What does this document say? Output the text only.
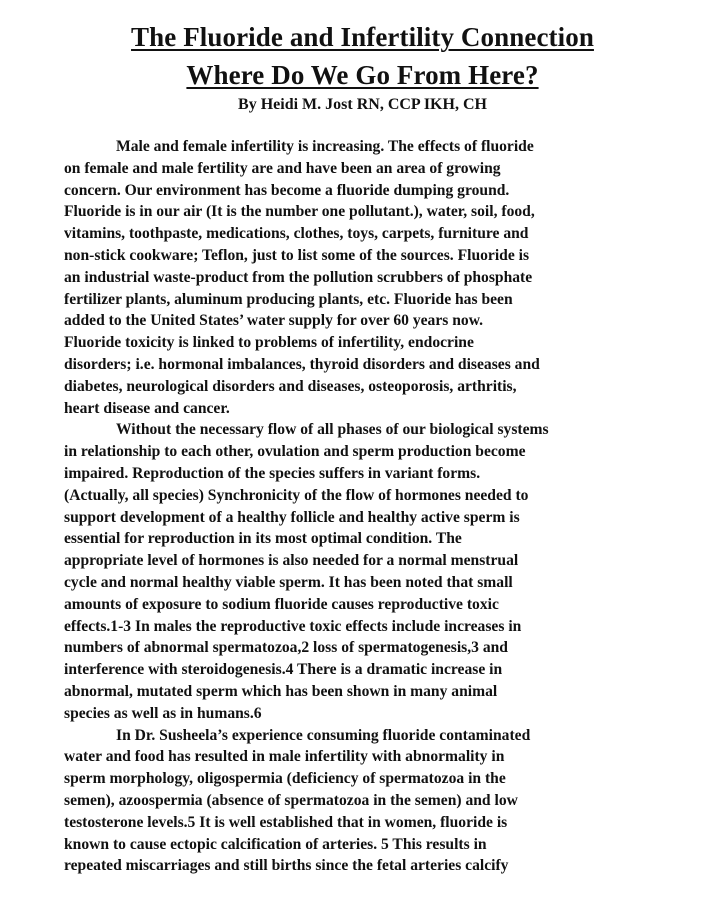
The Fluoride and Infertility Connection
Where Do We Go From Here?
By Heidi M. Jost RN, CCP IKH, CH
Male and female infertility is increasing. The effects of fluoride
on female and male fertility are and have been an area of growing
concern. Our environment has become a fluoride dumping ground.
Fluoride is in our air (It is the number one pollutant.), water, soil, food,
vitamins, toothpaste, medications, clothes, toys, carpets, furniture and
non-stick cookware; Teflon, just to list some of the sources. Fluoride is
an industrial waste-product from the pollution scrubbers of phosphate
fertilizer plants, aluminum producing plants, etc. Fluoride has been
added to the United States’ water supply for over 60 years now.
Fluoride toxicity is linked to problems of infertility, endocrine
disorders; i.e. hormonal imbalances, thyroid disorders and diseases and
diabetes, neurological disorders and diseases, osteoporosis, arthritis,
heart disease and cancer.
Without the necessary flow of all phases of our biological systems
in relationship to each other, ovulation and sperm production become
impaired. Reproduction of the species suffers in variant forms.
(Actually, all species) Synchronicity of the flow of hormones needed to
support development of a healthy follicle and healthy active sperm is
essential for reproduction in its most optimal condition. The
appropriate level of hormones is also needed for a normal menstrual
cycle and normal healthy viable sperm. It has been noted that small
amounts of exposure to sodium fluoride causes reproductive toxic
effects.1-3 In males the reproductive toxic effects include increases in
numbers of abnormal spermatozoa,2 loss of spermatogenesis,3 and
interference with steroidogenesis.4 There is a dramatic increase in
abnormal, mutated sperm which has been shown in many animal
species as well as in humans.6
In Dr. Susheela’s experience consuming fluoride contaminated
water and food has resulted in male infertility with abnormality in
sperm morphology, oligospermia (deficiency of spermatozoa in the
semen), azoospermia (absence of spermatozoa in the semen) and low
testosterone levels.5 It is well established that in women, fluoride is
known to cause ectopic calcification of arteries. 5 This results in
repeated miscarriages and still births since the fetal arteries calcify
